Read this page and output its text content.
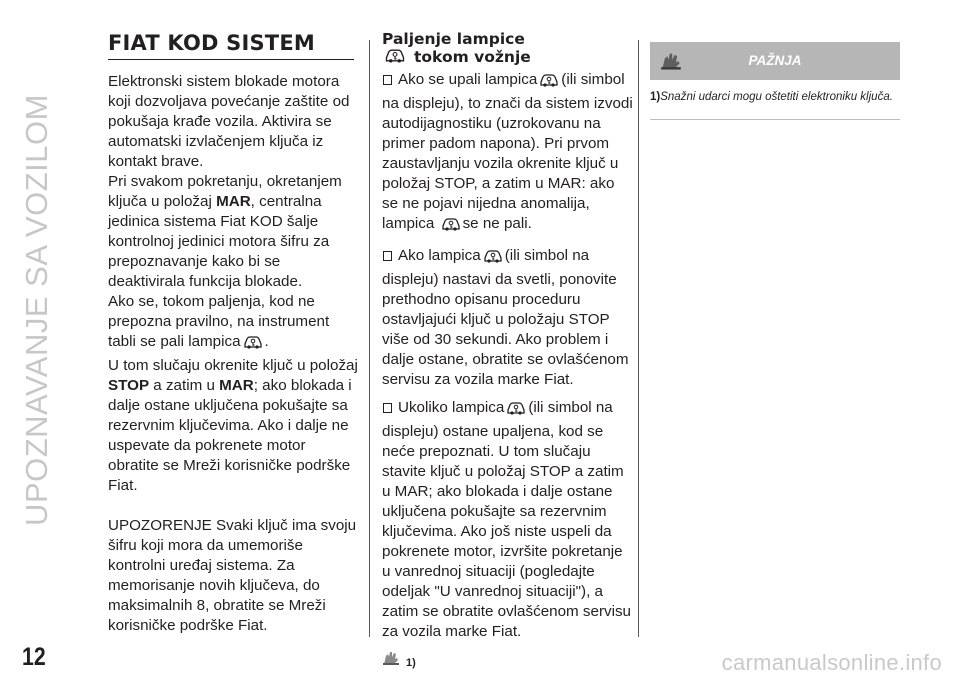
UPOZNAVANJE SA VOZILOM
12	carmanualsonline.info
FIAT KOD SISTEM

Elektronski sistem blokade motora koji dozvoljava povećanje zaštite od pokušaja krađe vozila. Aktivira se automatski izvlačenjem ključa iz kontakt brave.

Pri svakom pokretanju, okretanjem ključa u položaj MAR, centralna jedinica sistema Fiat KOD šalje kontrolnoj jedinici motora šifru za prepoznavanje kako bi se deaktivirala funkcija blokade.

Ako se, tokom paljenja, kod ne prepozna pravilno, na instrument tabli se pali lampica .

U tom slučaju okrenite ključ u položaj STOP a zatim u MAR; ako blokada i dalje ostane uključena pokušajte sa rezervnim ključevima. Ako i dalje ne uspevate da pokrenete motor obratite se Mreži korisničke podrške Fiat.

UPOZORENJE Svaki ključ ima svoju šifru koji mora da umemoriše kontrolni uređaj sistema. Za memorisanje novih ključeva, do maksimalnih 8, obratite se Mreži korisničke podrške Fiat.

Paljenje lampice
tokom vožnje

Ako se upali lampica (ili simbol na displeju), to znači da sistem izvodi autodijagnostiku (uzrokovanu na primer padom napona). Pri prvom zaustavljanju vozila okrenite ključ u položaj STOP, a zatim u MAR: ako se ne pojavi nijedna anomalija, lampica se ne pali.

Ako lampica (ili simbol na displeju) nastavi da svetli, ponovite prethodno opisanu proceduru ostavljajući ključ u položaju STOP više od 30 sekundi. Ako problem i dalje ostane, obratite se ovlašćenom servisu za vozila marke Fiat.

Ukoliko lampica (ili simbol na displeju) ostane upaljena, kod se neće prepoznati. U tom slučaju stavite ključ u položaj STOP a zatim u MAR; ako blokada i dalje ostane uključena pokušajte sa rezervnim ključevima. Ako još niste uspeli da pokrenete motor, izvršite pokretanje u vanrednoj situaciji (pogledajte odeljak "U vanrednoj situaciji"), a zatim se obratite ovlašćenom servisu za vozila marke Fiat.

1)
PAŽNJA

1)Snažni udarci mogu oštetiti elektroniku ključa.
